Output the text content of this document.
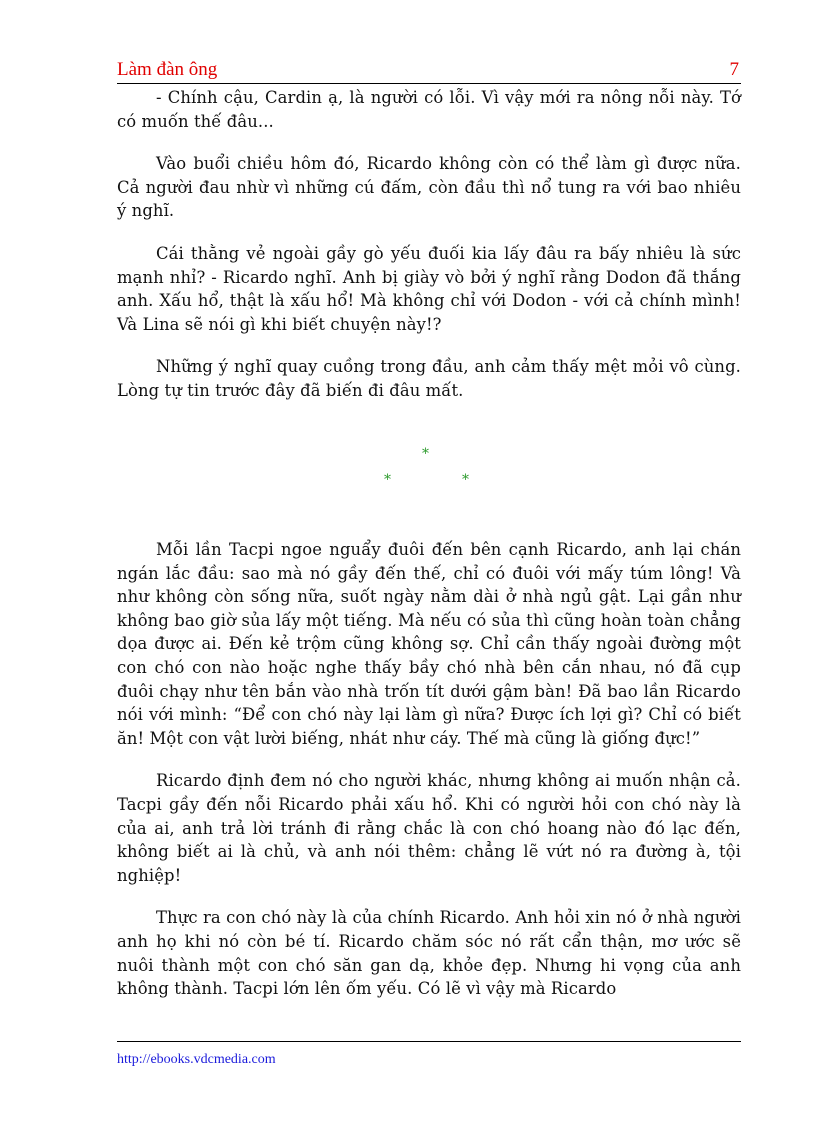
Làm đàn ông	7

- Chính cậu, Cardin ạ, là người có lỗi. Vì vậy mới ra nông nỗi này. Tớ có muốn thế đâu...

Vào buổi chiều hôm đó, Ricardo không còn có thể làm gì được nữa. Cả người đau nhừ vì những cú đấm, còn đầu thì nổ tung ra với bao nhiêu ý nghĩ.

Cái thằng vẻ ngoài gầy gò yếu đuối kia lấy đâu ra bấy nhiêu là sức mạnh nhỉ? - Ricardo nghĩ. Anh bị giày vò bởi ý nghĩ rằng Dodon đã thắng anh. Xấu hổ, thật là xấu hổ! Mà không chỉ với Dodon - với cả chính mình! Và Lina sẽ nói gì khi biết chuyện này!?

Những ý nghĩ quay cuồng trong đầu, anh cảm thấy mệt mỏi vô cùng. Lòng tự tin trước đây đã biến đi đâu mất.

*
*	*

Mỗi lần Tacpi ngoe nguẩy đuôi đến bên cạnh Ricardo, anh lại chán ngán lắc đầu: sao mà nó gầy đến thế, chỉ có đuôi với mấy túm lông! Và như không còn sống nữa, suốt ngày nằm dài ở nhà ngủ gật. Lại gần như không bao giờ sủa lấy một tiếng. Mà nếu có sủa thì cũng hoàn toàn chẳng dọa được ai. Đến kẻ trộm cũng không sợ. Chỉ cần thấy ngoài đường một con chó con nào hoặc nghe thấy bầy chó nhà bên cắn nhau, nó đã cụp đuôi chạy như tên bắn vào nhà trốn tít dưới gậm bàn! Đã bao lần Ricardo nói với mình: “Để con chó này lại làm gì nữa? Được ích lợi gì? Chỉ có biết ăn! Một con vật lười biếng, nhát như cáy. Thế mà cũng là giống đực!”

Ricardo định đem nó cho người khác, nhưng không ai muốn nhận cả. Tacpi gầy đến nỗi Ricardo phải xấu hổ. Khi có người hỏi con chó này là của ai, anh trả lời tránh đi rằng chắc là con chó hoang nào đó lạc đến, không biết ai là chủ, và anh nói thêm: chẳng lẽ vứt nó ra đường à, tội nghiệp!

Thực ra con chó này là của chính Ricardo. Anh hỏi xin nó ở nhà người anh họ khi nó còn bé tí. Ricardo chăm sóc nó rất cẩn thận, mơ ước sẽ nuôi thành một con chó săn gan dạ, khỏe đẹp. Nhưng hi vọng của anh không thành. Tacpi lớn lên ốm yếu. Có lẽ vì vậy mà Ricardo

http://ebooks.vdcmedia.com
